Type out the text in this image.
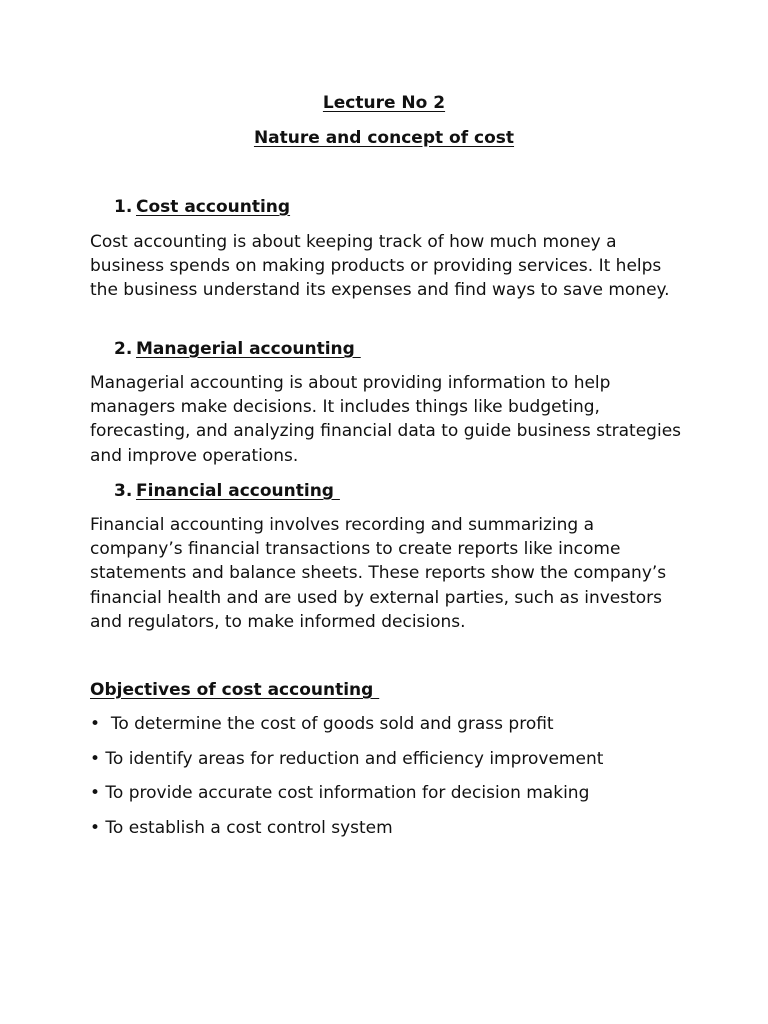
Lecture No 2
Nature and concept of cost
1. Cost accounting

Cost accounting is about keeping track of how much money a business spends on making products or providing services. It helps the business understand its expenses and find ways to save money.

2. Managerial accounting

Managerial accounting is about providing information to help managers make decisions. It includes things like budgeting, forecasting, and analyzing financial data to guide business strategies and improve operations.

3. Financial accounting

Financial accounting involves recording and summarizing a company’s financial transactions to create reports like income statements and balance sheets. These reports show the company’s financial health and are used by external parties, such as investors and regulators, to make informed decisions.

Objectives of cost accounting
•  To determine the cost of goods sold and grass profit
• To identify areas for reduction and efficiency improvement
• To provide accurate cost information for decision making
• To establish a cost control system
